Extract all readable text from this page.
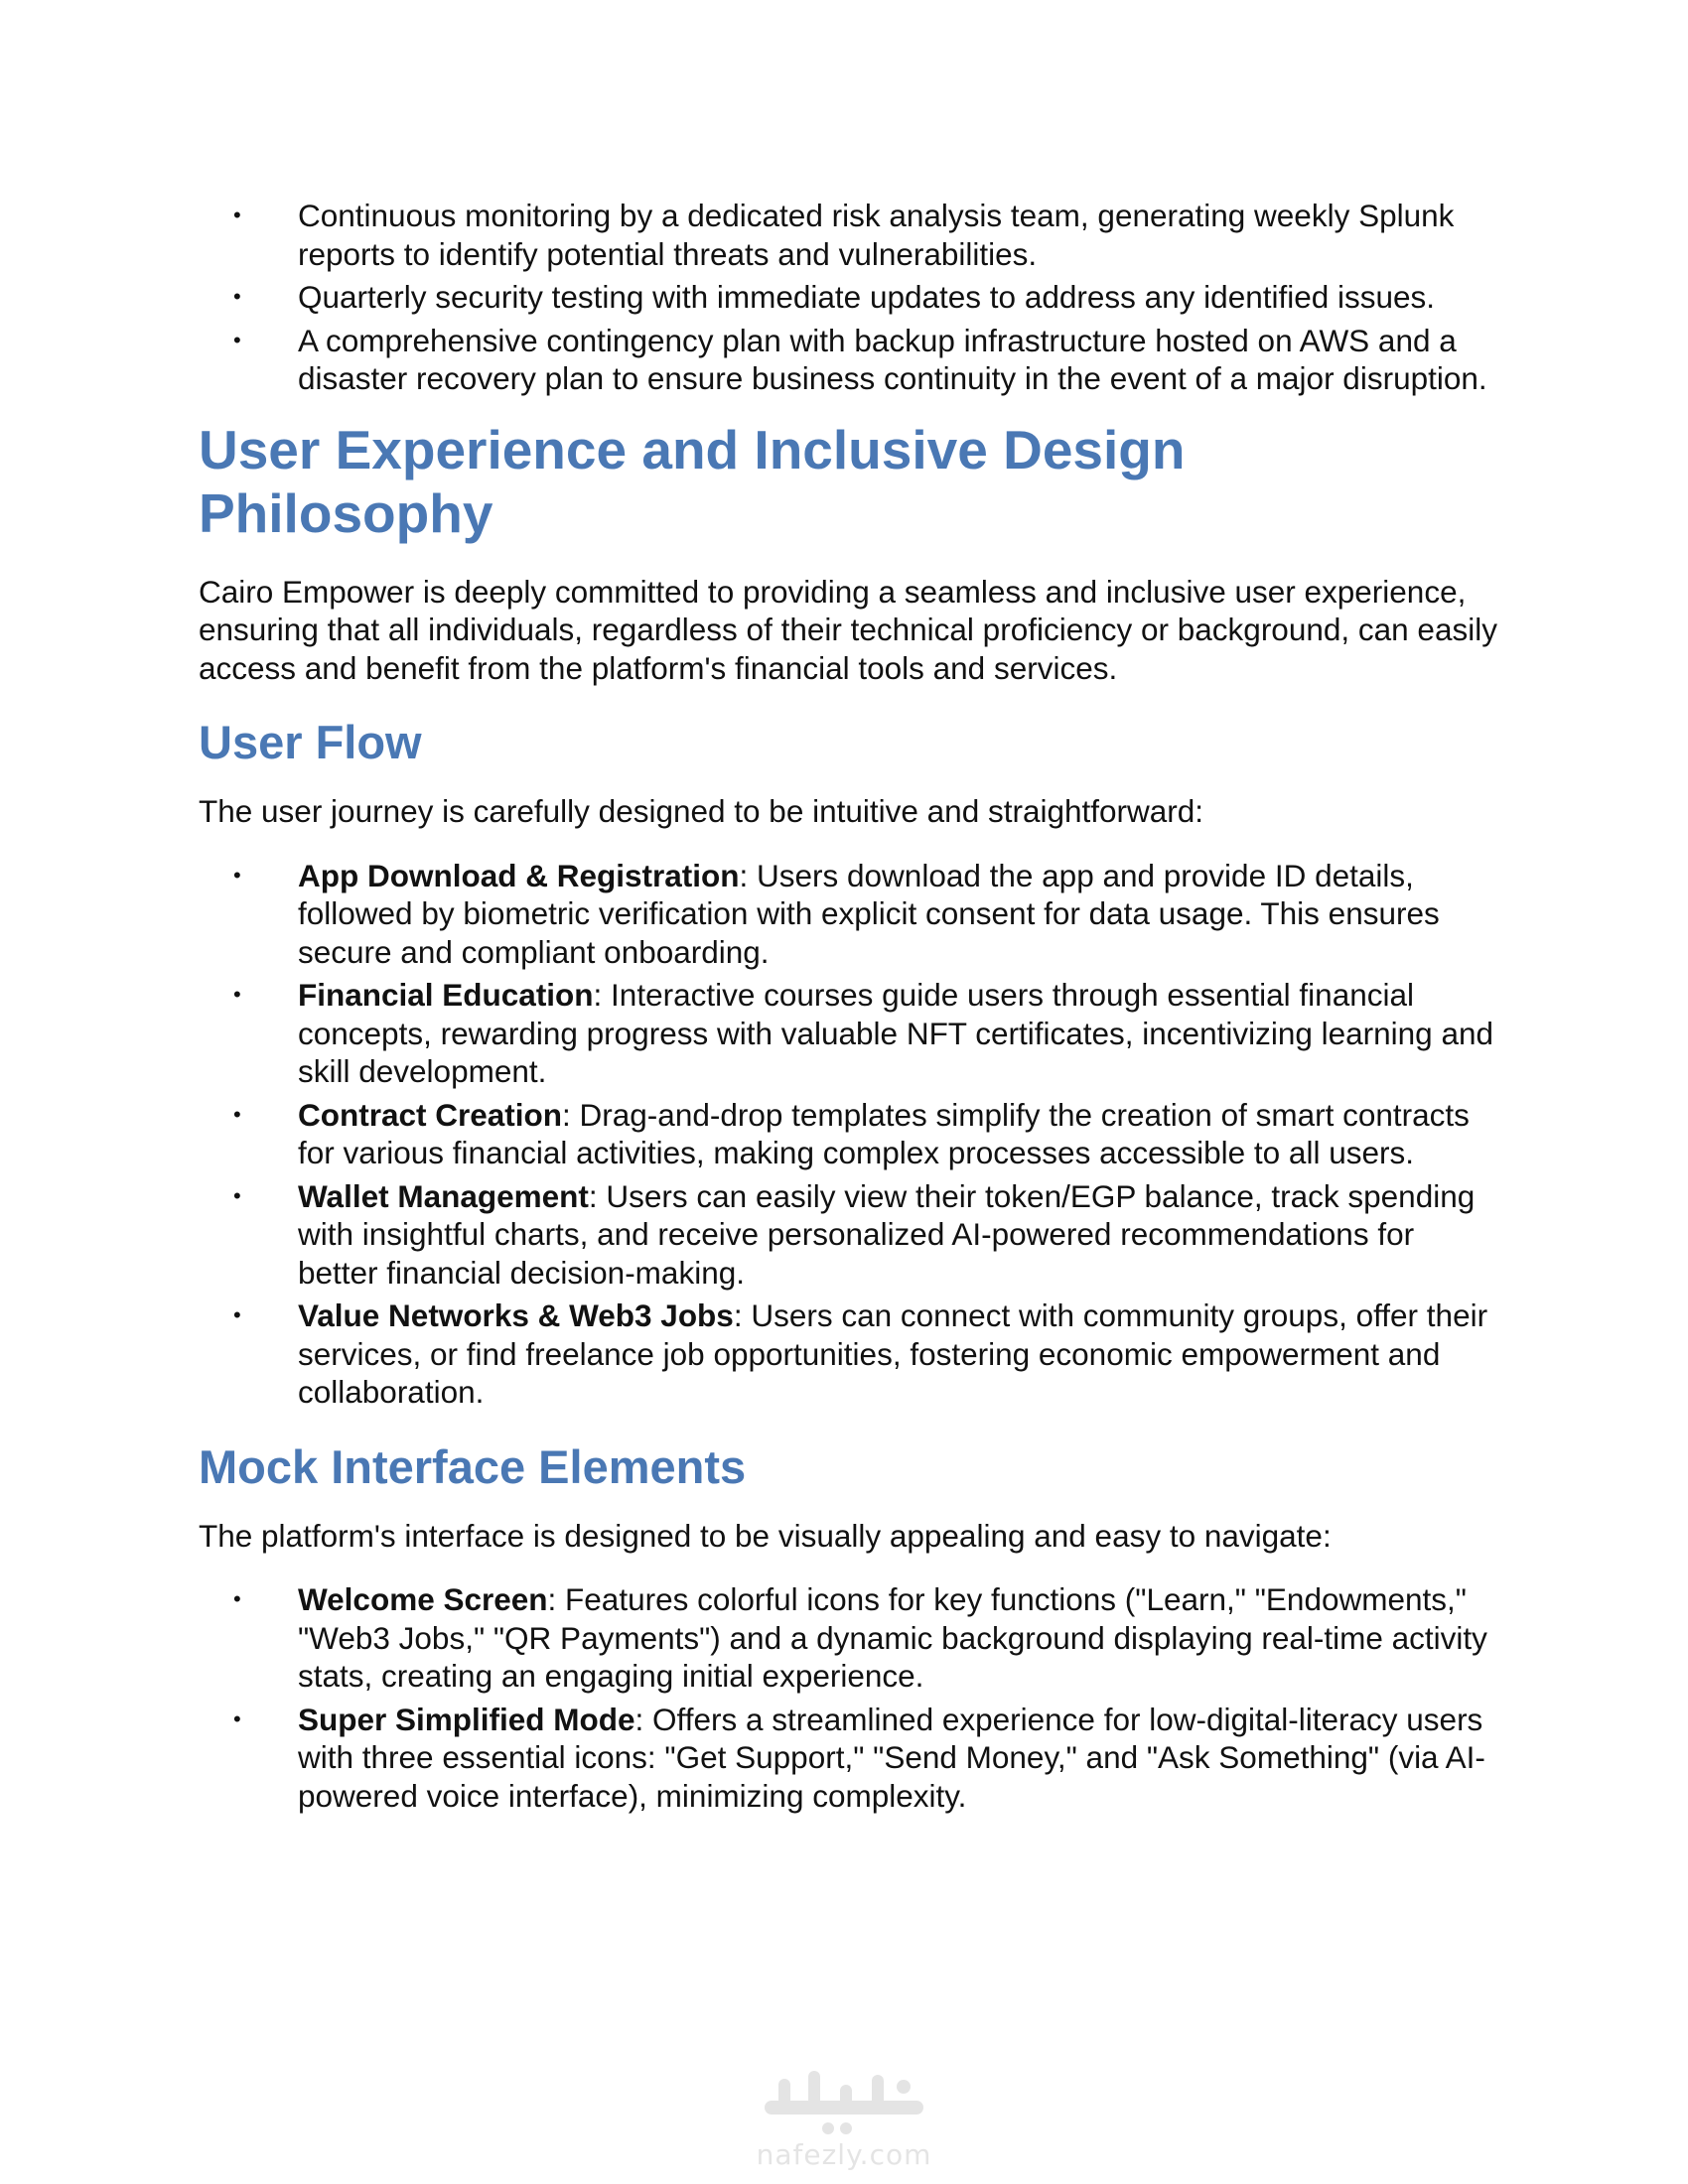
• Continuous monitoring by a dedicated risk analysis team, generating weekly Splunk reports to identify potential threats and vulnerabilities.
• Quarterly security testing with immediate updates to address any identified issues.
• A comprehensive contingency plan with backup infrastructure hosted on AWS and a disaster recovery plan to ensure business continuity in the event of a major disruption.
User Experience and Inclusive Design Philosophy

Cairo Empower is deeply committed to providing a seamless and inclusive user experience, ensuring that all individuals, regardless of their technical proficiency or background, can easily access and benefit from the platform's financial tools and services.

User Flow

The user journey is carefully designed to be intuitive and straightforward:

• App Download & Registration: Users download the app and provide ID details, followed by biometric verification with explicit consent for data usage. This ensures secure and compliant onboarding.
• Financial Education: Interactive courses guide users through essential financial concepts, rewarding progress with valuable NFT certificates, incentivizing learning and skill development.
• Contract Creation: Drag-and-drop templates simplify the creation of smart contracts for various financial activities, making complex processes accessible to all users.
• Wallet Management: Users can easily view their token/EGP balance, track spending with insightful charts, and receive personalized AI-powered recommendations for better financial decision-making.
• Value Networks & Web3 Jobs: Users can connect with community groups, offer their services, or find freelance job opportunities, fostering economic empowerment and collaboration.
Mock Interface Elements

The platform's interface is designed to be visually appealing and easy to navigate:

• Welcome Screen: Features colorful icons for key functions ("Learn," "Endowments," "Web3 Jobs," "QR Payments") and a dynamic background displaying real-time activity stats, creating an engaging initial experience.
• Super Simplified Mode: Offers a streamlined experience for low-digital-literacy users with three essential icons: "Get Support," "Send Money," and "Ask Something" (via AI-powered voice interface), minimizing complexity.
nafezly.com
